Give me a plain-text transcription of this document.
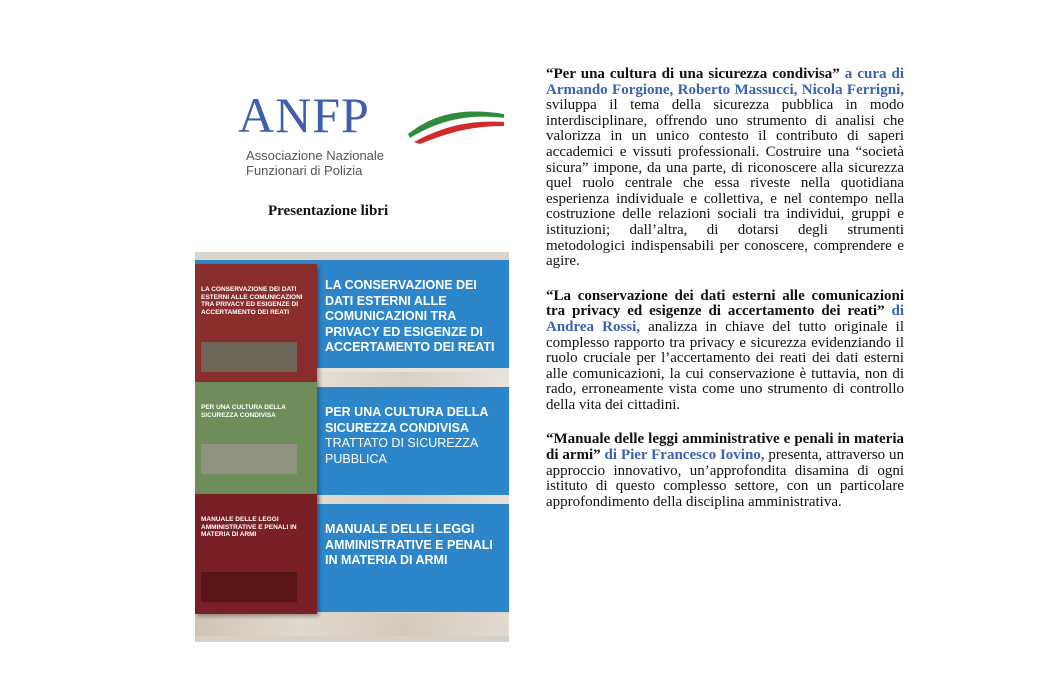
ANFP
Associazione Nazionale
Funzionari di Polizia
Presentazione libri
LA CONSERVAZIONE DEI DATI ESTERNI ALLE COMUNICAZIONI TRA PRIVACY ED ESIGENZE DI ACCERTAMENTO DEI REATI
LA CONSERVAZIONE DEI DATI ESTERNI ALLE COMUNICAZIONI TRA PRIVACY ED ESIGENZE DI ACCERTAMENTO DEI REATI
PER UNA CULTURA DELLA SICUREZZA CONDIVISA
TRATTATO DI SICUREZZA PUBBLICA
PER UNA CULTURA DELLA SICUREZZA CONDIVISA
MANUALE DELLE LEGGI AMMINISTRATIVE E PENALI IN MATERIA DI ARMI
MANUALE DELLE LEGGI AMMINISTRATIVE E PENALI IN MATERIA DI ARMI

“Per una cultura di una sicurezza condivisa” a cura di Armando Forgione, Roberto Massucci, Nicola Ferrigni, sviluppa il tema della sicurezza pubblica in modo interdisciplinare, offrendo uno strumento di analisi che valorizza in un unico contesto il contributo di saperi accademici e vissuti professionali. Costruire una “società sicura” impone, da una parte, di riconoscere alla sicurezza quel ruolo centrale che essa riveste nella quotidiana esperienza individuale e collettiva, e nel contempo nella costruzione delle relazioni sociali tra individui, gruppi e istituzioni; dall’altra, di dotarsi degli strumenti metodologici indispensabili per conoscere, comprendere e agire.

“La conservazione dei dati esterni alle comunicazioni tra privacy ed esigenze di accertamento dei reati” di Andrea Rossi, analizza in chiave del tutto originale il complesso rapporto tra privacy e sicurezza evidenziando il ruolo cruciale per l’accertamento dei reati dei dati esterni alle comunicazioni, la cui conservazione è tuttavia, non di rado, erroneamente vista come uno strumento di controllo della vita dei cittadini.

“Manuale delle leggi amministrative e penali in materia di armi” di Pier Francesco Iovino, presenta, attraverso un approccio innovativo, un’approfondita disamina di ogni istituto di questo complesso settore, con un particolare approfondimento della disciplina amministrativa.
